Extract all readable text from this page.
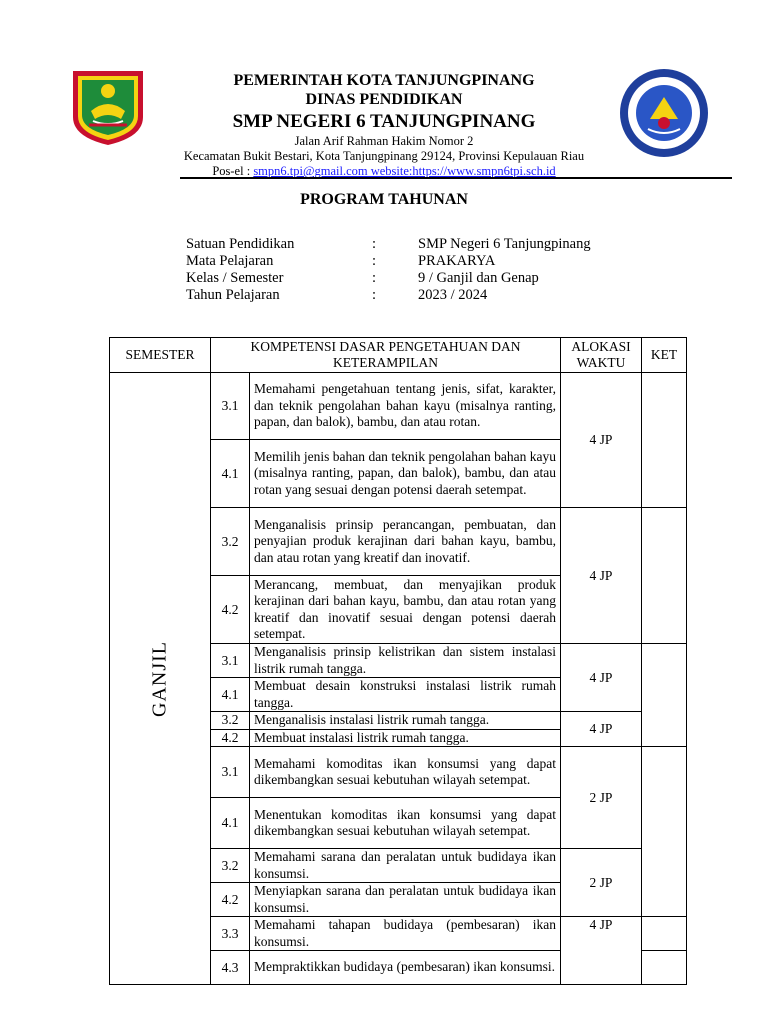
PEMERINTAH KOTA TANJUNGPINANG
DINAS PENDIDIKAN
SMP NEGERI 6 TANJUNGPINANG
Jalan Arif Rahman Hakim Nomor 2
Kecamatan Bukit Bestari, Kota Tanjungpinang 29124, Provinsi Kepulauan Riau
Pos-el : smpn6.tpi@gmail.com website:https://www.smpn6tpi.sch.id
PROGRAM TAHUNAN
Satuan Pendidikan	:	SMP Negeri 6 Tanjungpinang
Mata Pelajaran	:	PRAKARYA
Kelas / Semester	:	9 / Ganjil dan Genap
Tahun Pelajaran	:	2023 / 2024
SEMESTER	KOMPETENSI DASAR PENGETAHUAN DAN KETERAMPILAN		ALOKASI WAKTU	KET

GANJIL	3.1	Memahami pengetahuan tentang jenis, sifat, karakter, dan teknik pengolahan bahan kayu (misalnya ranting, papan, dan balok), bambu, dan atau rotan.	4 JP	
	4.1	Memilih jenis bahan dan teknik pengolahan bahan kayu (misalnya ranting, papan, dan balok), bambu, dan atau rotan yang sesuai dengan potensi daerah setempat.		
	3.2	Menganalisis prinsip perancangan, pembuatan, dan penyajian produk kerajinan dari bahan kayu, bambu, dan atau rotan yang kreatif dan inovatif.	4 JP	
	4.2	Merancang, membuat, dan menyajikan produk kerajinan dari bahan kayu, bambu, dan atau rotan yang kreatif dan inovatif sesuai dengan potensi daerah setempat.		
	3.1	Menganalisis prinsip kelistrikan dan sistem instalasi listrik rumah tangga.	4 JP	
	4.1	Membuat desain konstruksi instalasi listrik rumah tangga.		
	3.2	Menganalisis instalasi listrik rumah tangga.	4 JP	
	4.2	Membuat instalasi listrik rumah tangga.		
	3.1	Memahami komoditas ikan konsumsi yang dapat dikembangkan sesuai kebutuhan wilayah setempat.	2 JP	
	4.1	Menentukan komoditas ikan konsumsi yang dapat dikembangkan sesuai kebutuhan wilayah setempat.		
	3.2	Memahami sarana dan peralatan untuk budidaya ikan konsumsi.	2 JP	
	4.2	Menyiapkan sarana dan peralatan untuk budidaya ikan konsumsi.		
	3.3	Memahami tahapan budidaya (pembesaran) ikan konsumsi.	4 JP	
	4.3	Mempraktikkan budidaya (pembesaran) ikan konsumsi.		
